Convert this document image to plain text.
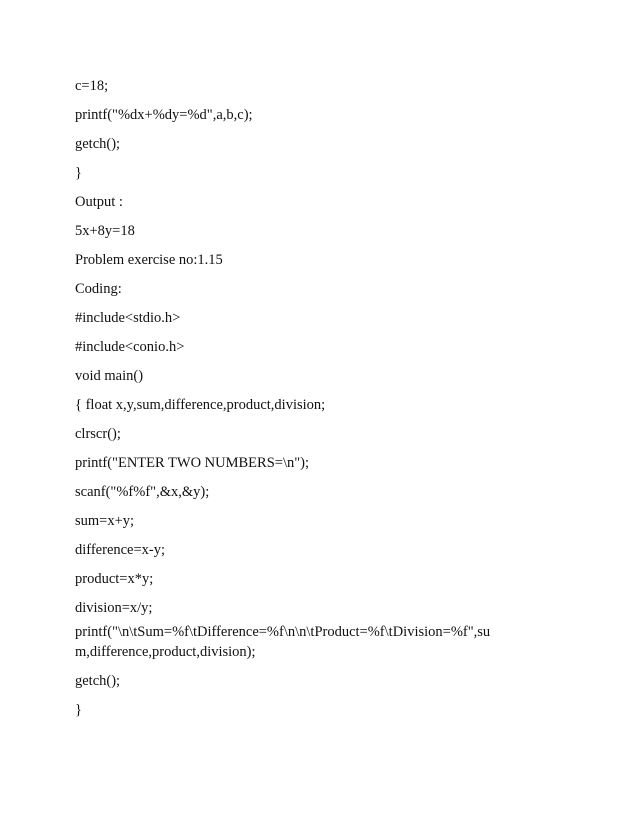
c=18;
printf("%dx+%dy=%d",a,b,c);
getch();
}
Output :
5x+8y=18
Problem exercise no:1.15
Coding:
#include<stdio.h>
#include<conio.h>
void main()
{ float x,y,sum,difference,product,division;
clrscr();
printf("ENTER TWO NUMBERS=\n");
scanf("%f%f",&x,&y);
sum=x+y;
difference=x-y;
product=x*y;
division=x/y;
printf("\n\tSum=%f\tDifference=%f\n\n\tProduct=%f\tDivision=%f",su
m,difference,product,division);
getch();
}
